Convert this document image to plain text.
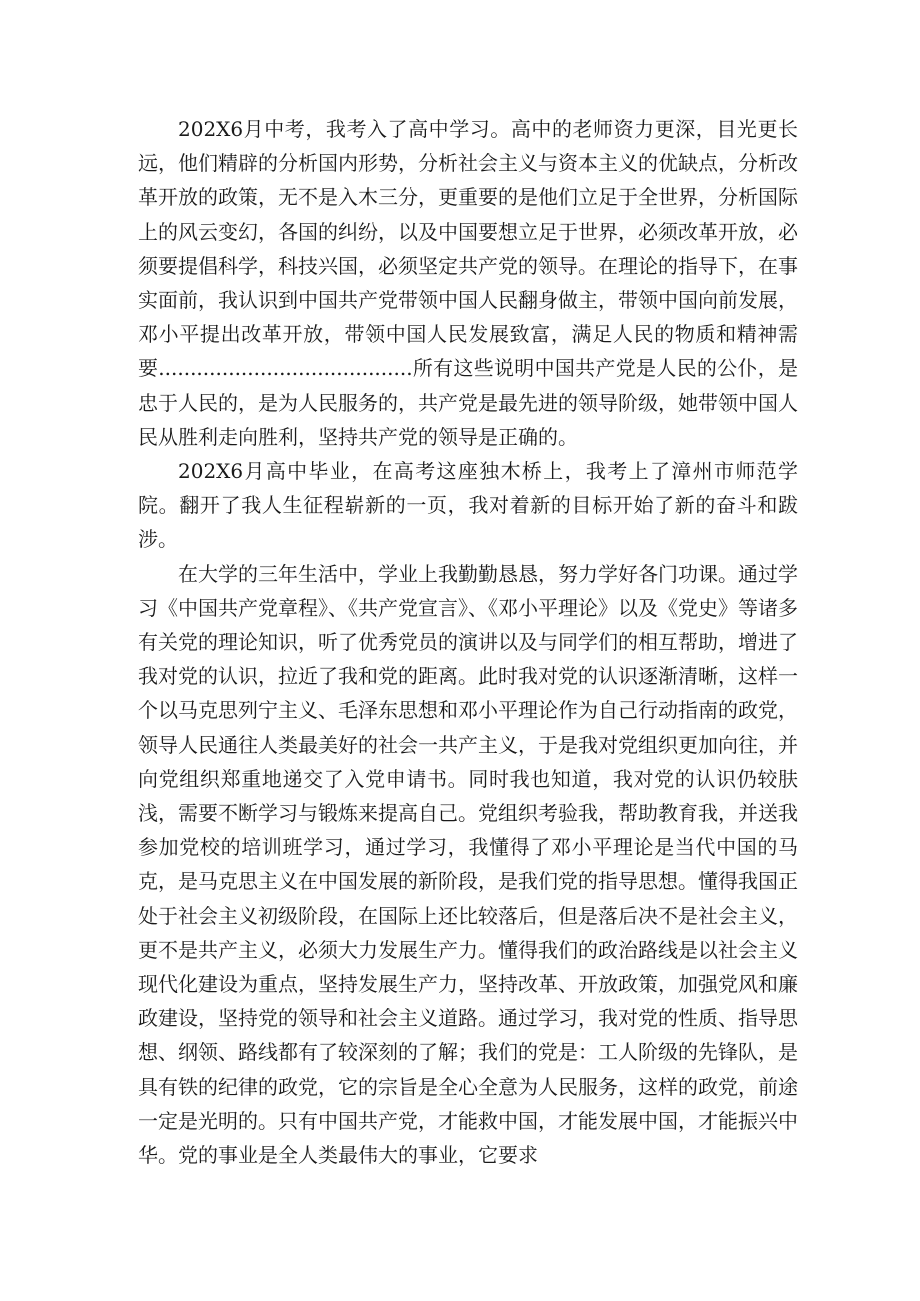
202X6月中考，我考入了高中学习。高中的老师资力更深，目光更长远，他们精辟的分析国内形势，分析社会主义与资本主义的优缺点，分析改革开放的政策，无不是入木三分，更重要的是他们立足于全世界，分析国际上的风云变幻，各国的纠纷，以及中国要想立足于世界，必须改革开放，必须要提倡科学，科技兴国，必须坚定共产党的领导。在理论的指导下，在事实面前，我认识到中国共产党带领中国人民翻身做主，带领中国向前发展，邓小平提出改革开放，带领中国人民发展致富，满足人民的物质和精神需要........................................所有这些说明中国共产党是人民的公仆，是忠于人民的，是为人民服务的，共产党是最先进的领导阶级，她带领中国人民从胜利走向胜利，坚持共产党的领导是正确的。

202X6月高中毕业，在高考这座独木桥上，我考上了漳州市师范学院。翻开了我人生征程崭新的一页，我对着新的目标开始了新的奋斗和跋涉。

在大学的三年生活中，学业上我勤勤恳恳，努力学好各门功课。通过学习《中国共产党章程》、《共产党宣言》、《邓小平理论》以及《党史》等诸多有关党的理论知识，听了优秀党员的演讲以及与同学们的相互帮助，增进了我对党的认识，拉近了我和党的距离。此时我对党的认识逐渐清晰，这样一个以马克思列宁主义、毛泽东思想和邓小平理论作为自己行动指南的政党，领导人民通往人类最美好的社会一共产主义，于是我对党组织更加向往，并向党组织郑重地递交了入党申请书。同时我也知道，我对党的认识仍较肤浅，需要不断学习与锻炼来提高自己。党组织考验我，帮助教育我，并送我参加党校的培训班学习，通过学习，我懂得了邓小平理论是当代中国的马克，是马克思主义在中国发展的新阶段，是我们党的指导思想。懂得我国正处于社会主义初级阶段，在国际上还比较落后，但是落后决不是社会主义，更不是共产主义，必须大力发展生产力。懂得我们的政治路线是以社会主义现代化建设为重点，坚持发展生产力，坚持改革、开放政策，加强党风和廉政建设，坚持党的领导和社会主义道路。通过学习，我对党的性质、指导思想、纲领、路线都有了较深刻的了解；我们的党是：工人阶级的先锋队，是具有铁的纪律的政党，它的宗旨是全心全意为人民服务，这样的政党，前途一定是光明的。只有中国共产党，才能救中国，才能发展中国，才能振兴中华。党的事业是全人类最伟大的事业，它要求
